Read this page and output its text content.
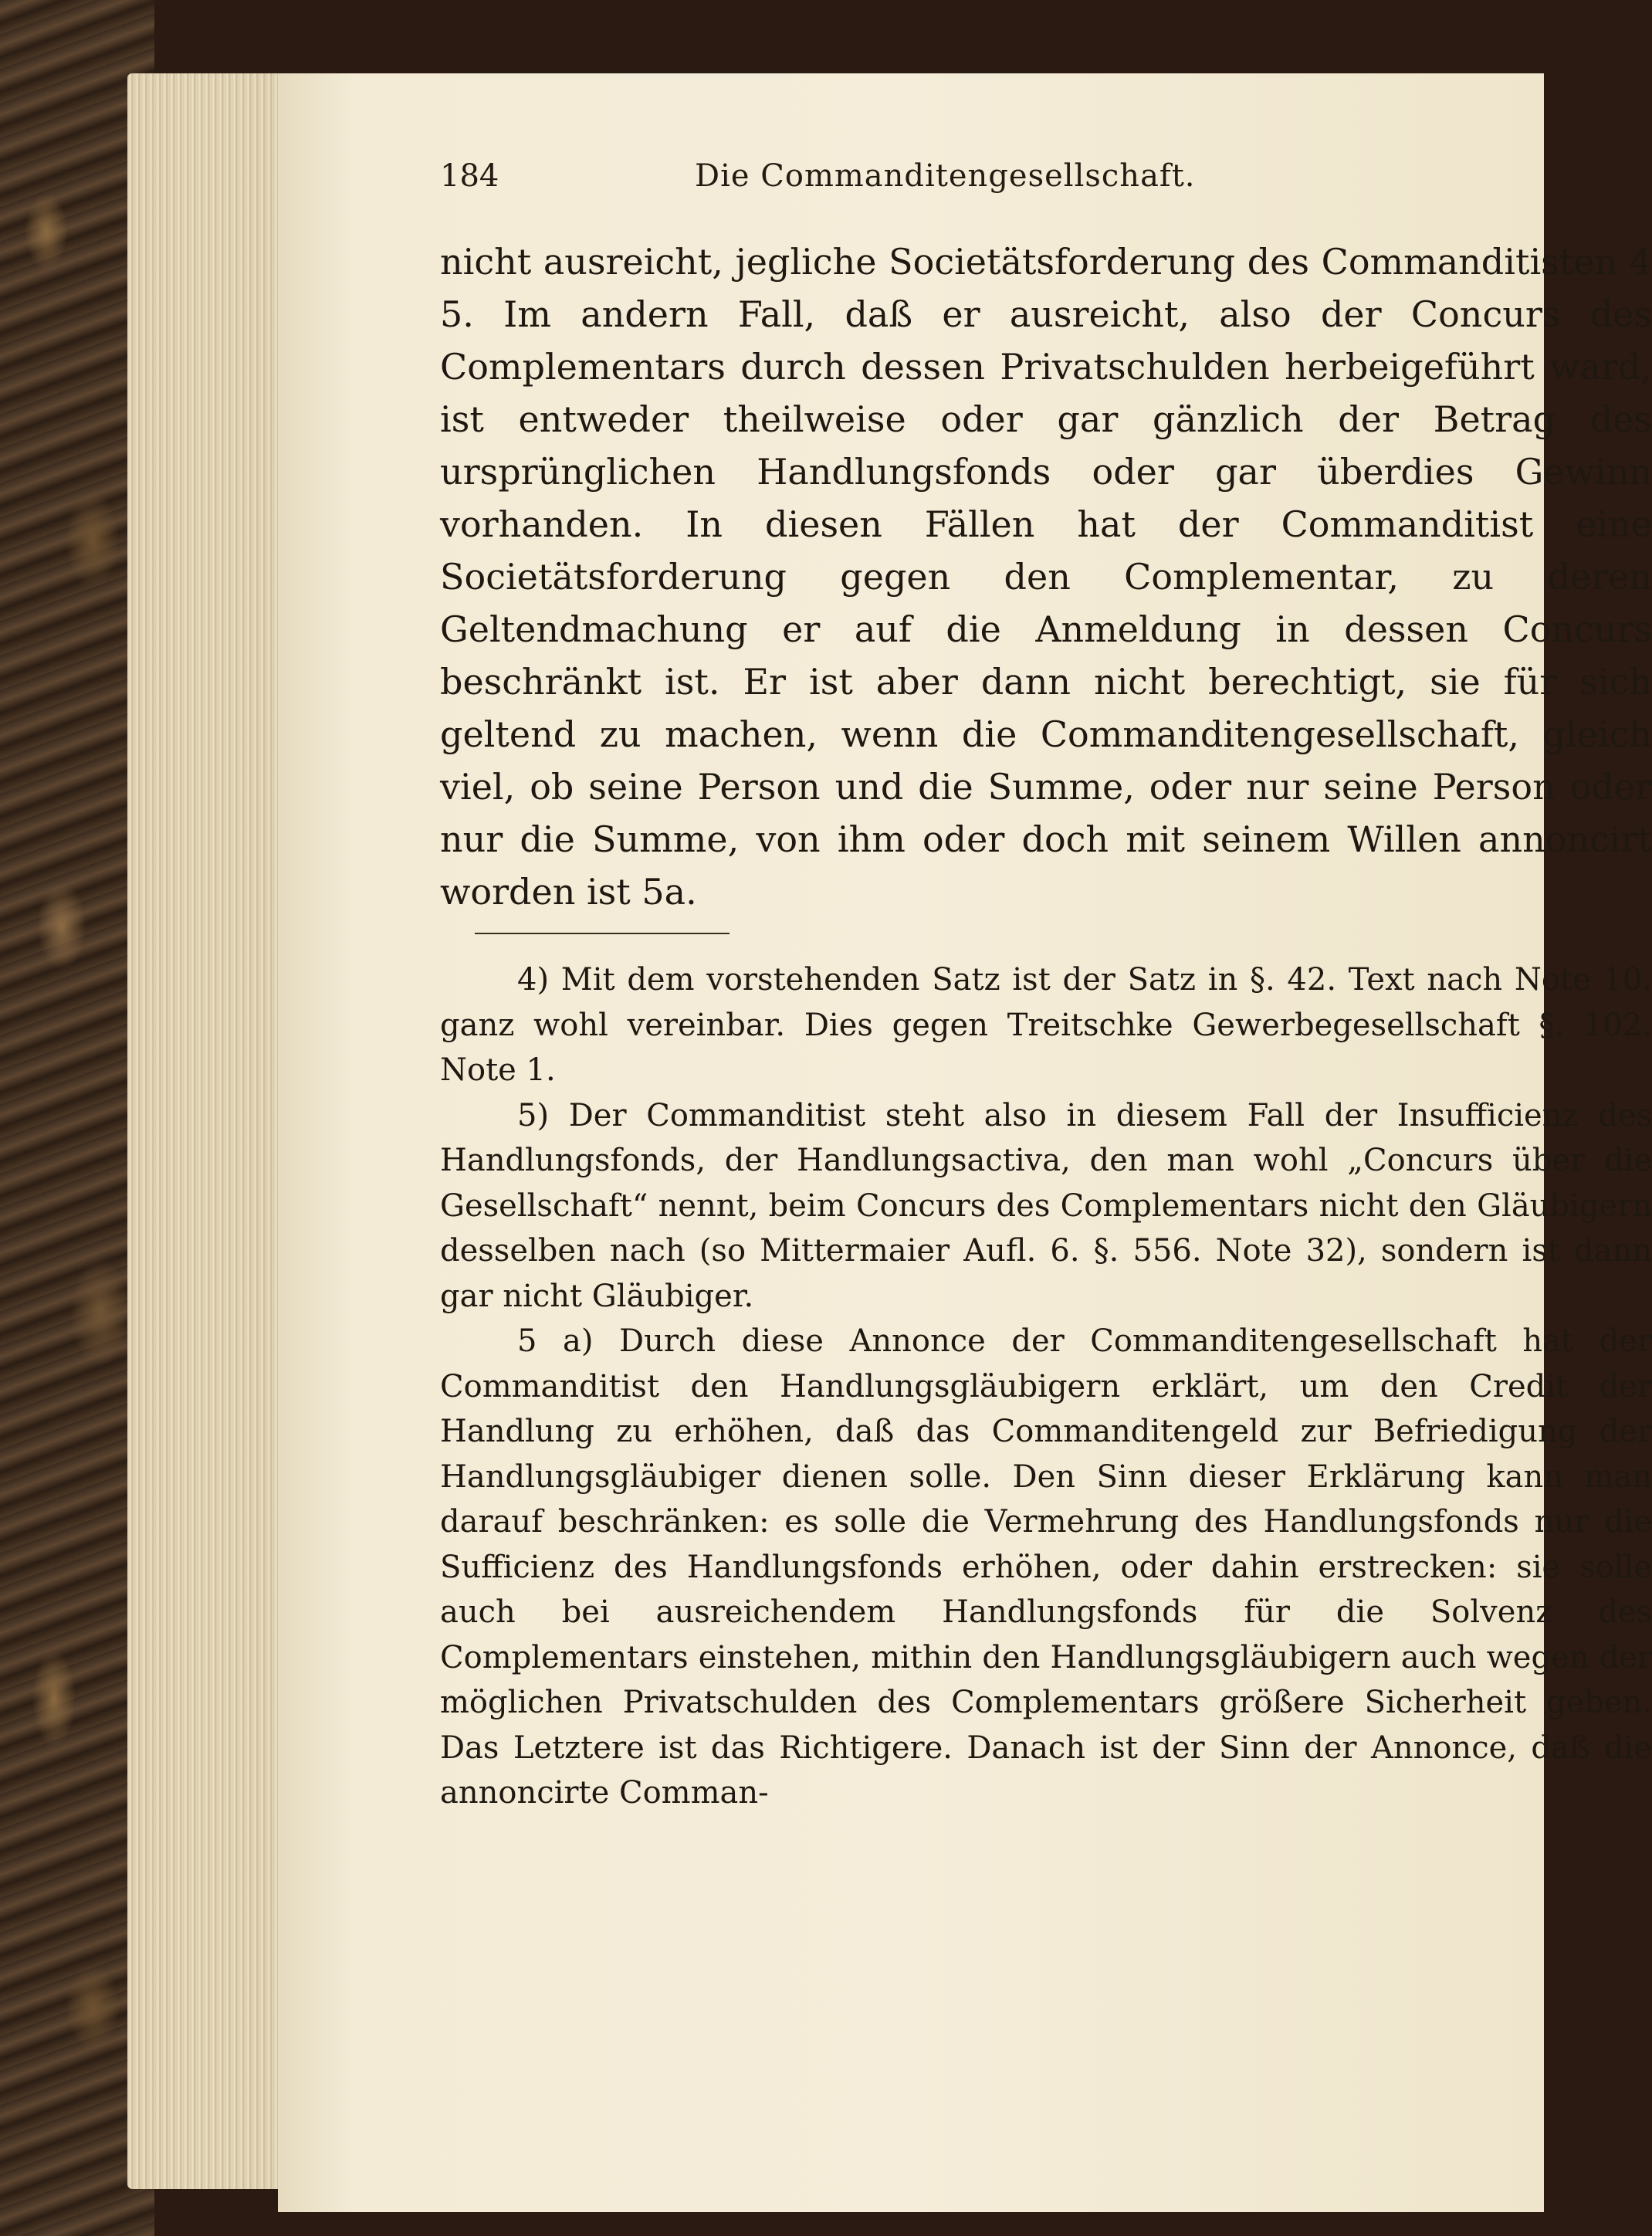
184	Die Commanditengesellschaft.

nicht ausreicht, jegliche Societätsforderung des Commanditisten 4 5. Im andern Fall, daß er ausreicht, also der Concurs des Complementars durch dessen Privatschulden herbeigeführt ward, ist entweder theilweise oder gar gänzlich der Betrag des ursprünglichen Handlungsfonds oder gar überdies Gewinn vorhanden. In diesen Fällen hat der Commanditist eine Societätsforderung gegen den Complementar, zu deren Geltendmachung er auf die Anmeldung in dessen Concurs beschränkt ist. Er ist aber dann nicht berechtigt, sie für sich geltend zu machen, wenn die Commanditengesellschaft, gleich viel, ob seine Person und die Summe, oder nur seine Person oder nur die Summe, von ihm oder doch mit seinem Willen annoncirt worden ist 5a.

4) Mit dem vorstehenden Satz ist der Satz in §. 42. Text nach Note 10. ganz wohl vereinbar. Dies gegen Treitschke Gewerbegesellschaft §. 102. Note 1.

5) Der Commanditist steht also in diesem Fall der Insufficienz des Handlungsfonds, der Handlungsactiva, den man wohl „Concurs über die Gesellschaft“ nennt, beim Concurs des Complementars nicht den Gläubigern desselben nach (so Mittermaier Aufl. 6. §. 556. Note 32), sondern ist dann gar nicht Gläubiger.

5 a) Durch diese Annonce der Commanditengesellschaft hat der Commanditist den Handlungsgläubigern erklärt, um den Credit der Handlung zu erhöhen, daß das Commanditengeld zur Befriedigung der Handlungsgläubiger dienen solle. Den Sinn dieser Erklärung kann man darauf beschränken: es solle die Vermehrung des Handlungsfonds nur die Sufficienz des Handlungsfonds erhöhen, oder dahin erstrecken: sie solle auch bei ausreichendem Handlungsfonds für die Solvenz des Complementars einstehen, mithin den Handlungsgläubigern auch wegen der möglichen Privatschulden des Complementars größere Sicherheit geben. Das Letztere ist das Richtigere. Danach ist der Sinn der Annonce, daß die annoncirte Comman-
